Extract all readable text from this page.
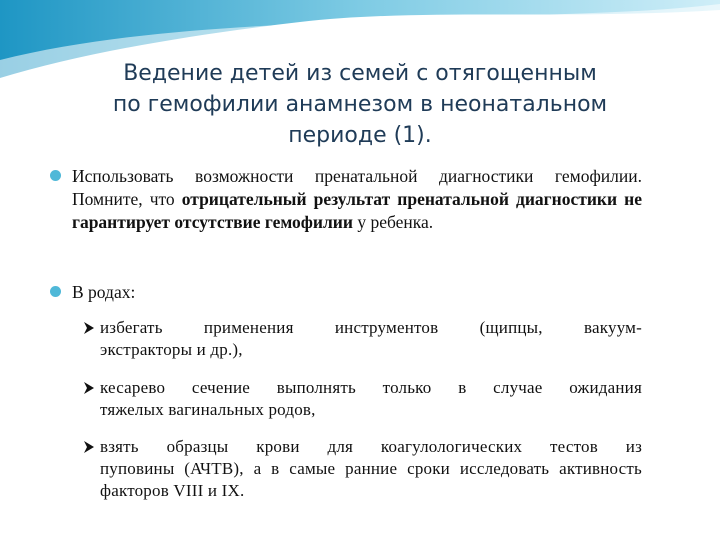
Ведение детей из семей с отягощенным
по гемофилии анамнезом в неонатальном
периоде (1).
Использовать возможности пренатальной диагностики гемофилии. Помните, что отрицательный результат пренатальной диагностики не гарантирует отсутствие гемофилии у ребенка.
В родах:
избегать применения инструментов (щипцы, вакуум-
экстракторы и др.),
кесарево сечение выполнять только в случае ожидания
тяжелых вагинальных родов,
взять образцы крови для коагулологических тестов из
пуповины (АЧТВ), а в самые ранние сроки исследовать активность факторов VIII и IX.
